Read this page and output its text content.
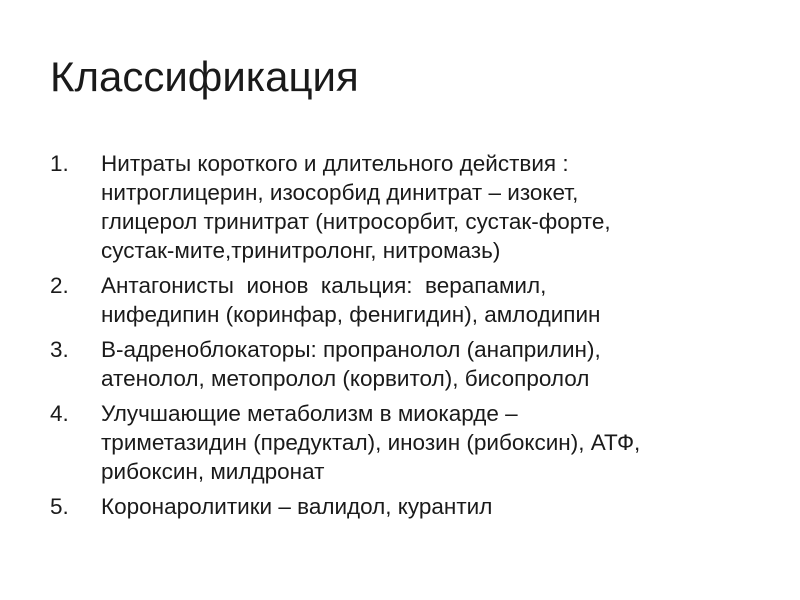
Классификация
1.	Нитраты короткого и длительного действия :
нитроглицерин, изосорбид динитрат – изокет,
глицерол тринитрат (нитросорбит, сустак-форте,
сустак-мите,тринитролонг, нитромазь)
2.	Антагонисты  ионов  кальция:  верапамил,
нифедипин (коринфар, фенигидин), амлодипин
3.	В-адреноблокаторы: пропранолол (анаприлин),
атенолол, метопролол (корвитол), бисопролол
4.	Улучшающие метаболизм в миокарде –
триметазидин (предуктал), инозин (рибоксин), АТФ,
рибоксин, милдронат
5.	Коронаролитики – валидол, курантил
